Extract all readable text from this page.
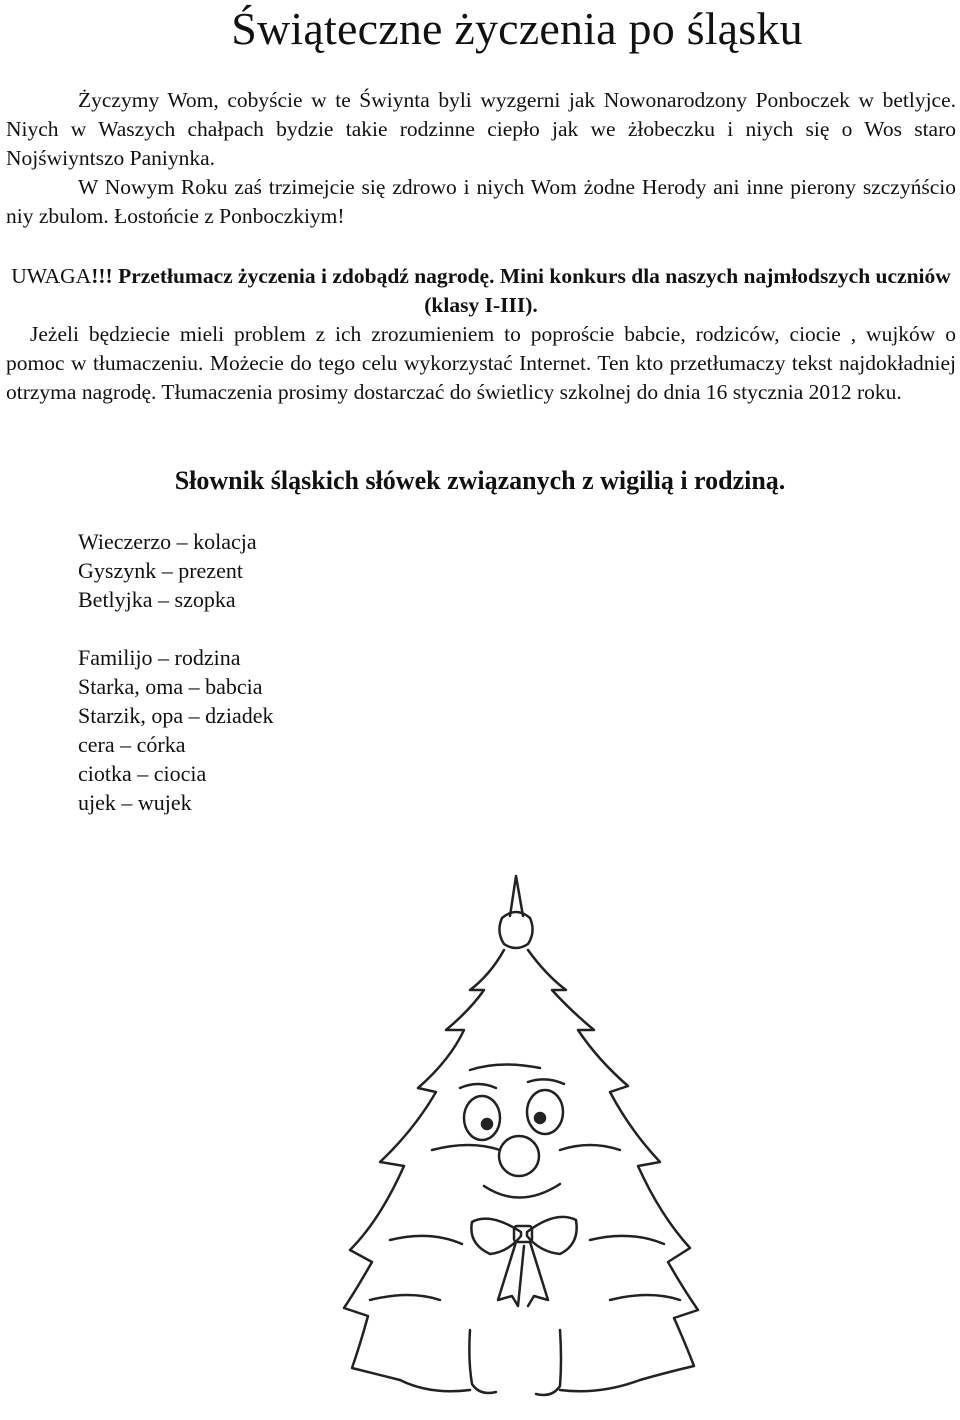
Świąteczne życzenia po śląsku
Życzymy Wom, cobyście w te Świynta byli wyzgerni jak Nowonarodzony Ponboczek w betlyjce. Niych w Waszych chałpach bydzie takie rodzinne ciepło jak we żłobeczku i niych się o Wos staro Nojświyntszo Paniynka.
W Nowym Roku zaś trzimejcie się zdrowo i niych Wom żodne Herody ani inne pierony szczyńścio niy zbulom. Łostońcie z Ponboczkiym!
UWAGA!!! Przetłumacz życzenia i zdobądź nagrodę. Mini konkurs dla naszych najmłodszych uczniów (klasy I-III).
Jeżeli będziecie mieli problem z ich zrozumieniem to poproście babcie, rodziców, ciocie , wujków o pomoc w tłumaczeniu. Możecie do tego celu wykorzystać Internet. Ten kto przetłumaczy tekst najdokładniej otrzyma nagrodę. Tłumaczenia prosimy dostarczać do świetlicy szkolnej do dnia 16 stycznia 2012 roku.
Słownik śląskich słówek związanych z wigilią i rodziną.
Wieczerzo – kolacja
Gyszynk – prezent
Betlyjka – szopka
Familijo – rodzina
Starka, oma – babcia
Starzik, opa – dziadek
cera – córka
ciotka – ciocia
ujek – wujek
